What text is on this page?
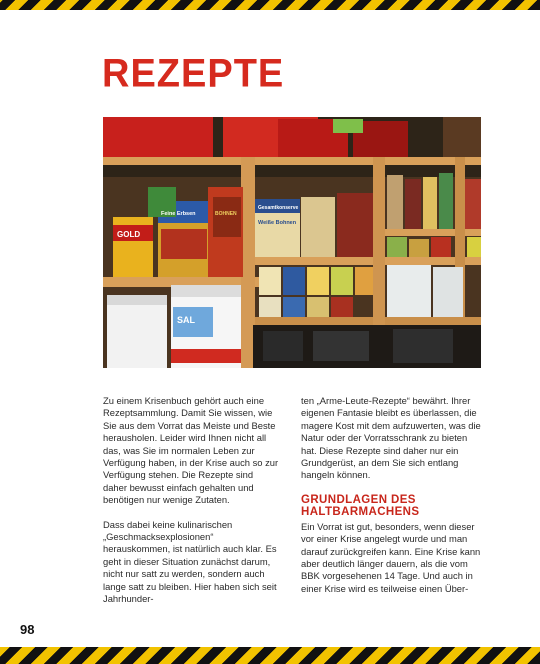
REZEPTE
GOLD
Feine Erbsen
Weiße Bohnen
Gesamtkonserve
SAL
BOHNEN

Zu einem Krisenbuch gehört auch eine Rezeptsammlung. Damit Sie wissen, wie Sie aus dem Vorrat das Meiste und Beste herausholen. Leider wird Ihnen nicht all das, was Sie im normalen Leben zur Verfügung haben, in der Krise auch so zur Verfügung stehen. Die Rezepte sind daher bewusst einfach gehalten und benötigen nur wenige Zutaten.

Dass dabei keine kulinarischen „Geschmacksexplosionen“ herauskommen, ist natürlich auch klar. Es geht in dieser Situation zunächst darum, nicht nur satt zu werden, sondern auch lange satt zu bleiben. Hier haben sich seit Jahrhunder-

ten „Arme-Leute-Rezepte“ bewährt. Ihrer eigenen Fantasie bleibt es überlassen, die magere Kost mit dem aufzuwerten, was die Natur oder der Vorratsschrank zu bieten hat. Diese Rezepte sind daher nur ein Grundgerüst, an dem Sie sich entlang hangeln können.

GRUNDLAGEN DES HALTBARMACHENS

Ein Vorrat ist gut, besonders, wenn dieser vor einer Krise angelegt wurde und man darauf zurückgreifen kann. Eine Krise kann aber deutlich länger dauern, als die vom BBK vorgesehenen 14 Tage. Und auch in einer Krise wird es teilweise einen Über-

98
